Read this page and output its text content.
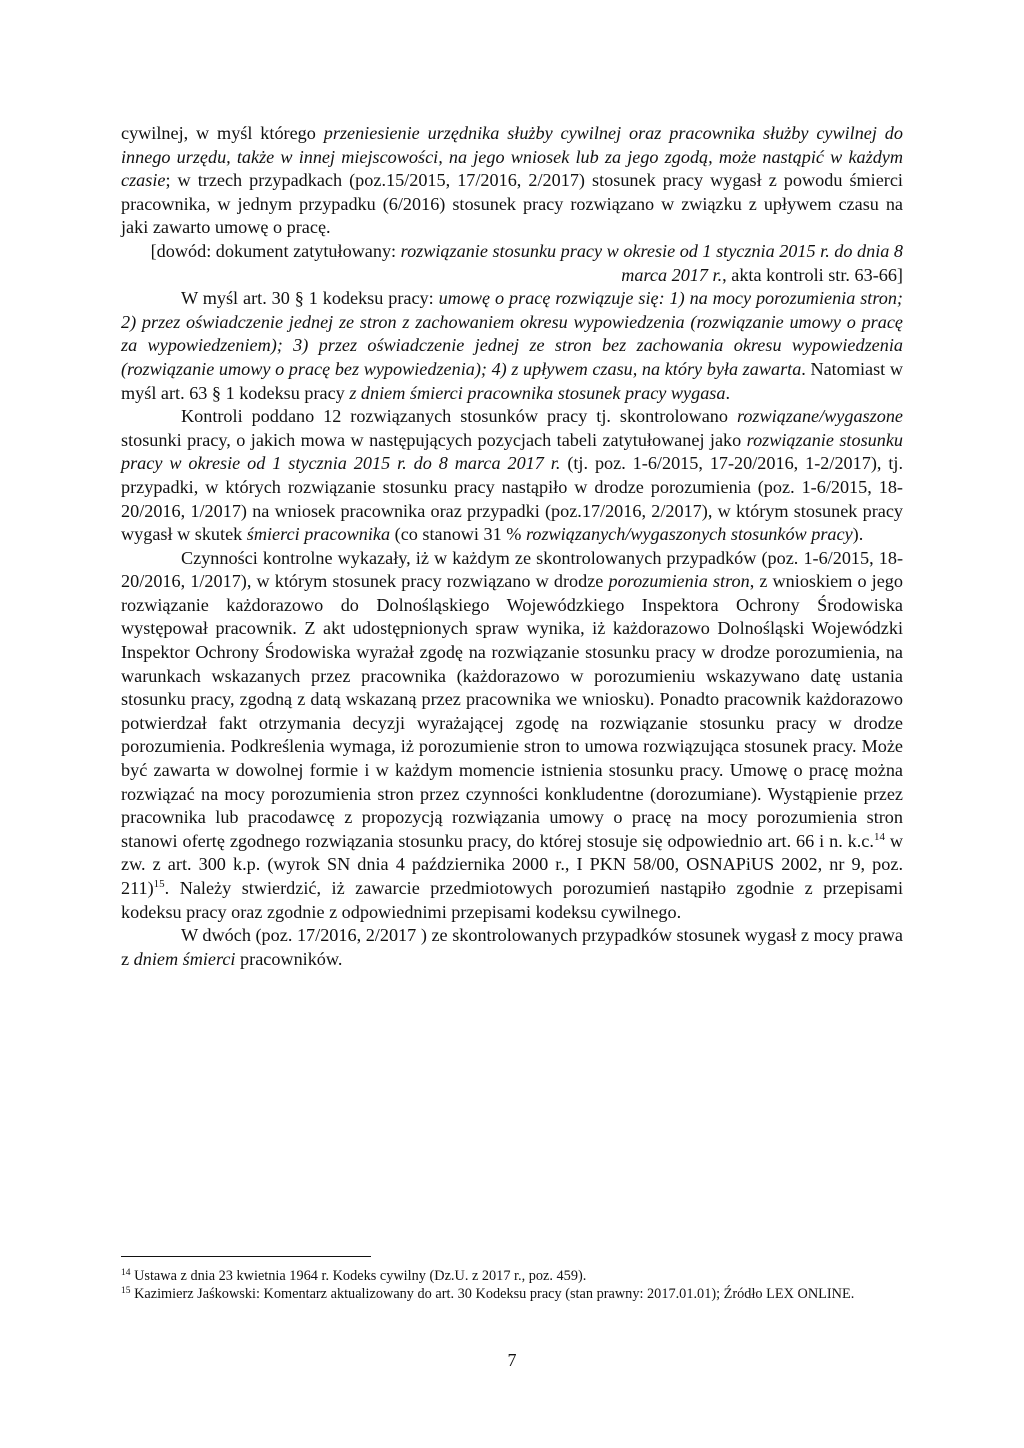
cywilnej, w myśl którego przeniesienie urzędnika służby cywilnej oraz pracownika służby cywilnej do innego urzędu, także w innej miejscowości, na jego wniosek lub za jego zgodą, może nastąpić w każdym czasie; w trzech przypadkach (poz.15/2015, 17/2016, 2/2017) stosunek pracy wygasł z powodu śmierci pracownika, w jednym przypadku (6/2016) stosunek pracy rozwiązano w związku z upływem czasu na jaki zawarto umowę o pracę.

[dowód: dokument zatytułowany: rozwiązanie stosunku pracy w okresie od 1 stycznia 2015 r. do dnia 8 marca 2017 r., akta kontroli str. 63-66]

W myśl art. 30 § 1 kodeksu pracy: umowę o pracę rozwiązuje się: 1) na mocy porozumienia stron; 2) przez oświadczenie jednej ze stron z zachowaniem okresu wypowiedzenia (rozwiązanie umowy o pracę za wypowiedzeniem); 3) przez oświadczenie jednej ze stron bez zachowania okresu wypowiedzenia (rozwiązanie umowy o pracę bez wypowiedzenia); 4) z upływem czasu, na który była zawarta. Natomiast w myśl art. 63 § 1 kodeksu pracy z dniem śmierci pracownika stosunek pracy wygasa.

Kontroli poddano 12 rozwiązanych stosunków pracy tj. skontrolowano rozwiązane/wygaszone stosunki pracy, o jakich mowa w następujących pozycjach tabeli zatytułowanej jako rozwiązanie stosunku pracy w okresie od 1 stycznia 2015 r. do 8 marca 2017 r. (tj. poz. 1-6/2015, 17-20/2016, 1-2/2017), tj. przypadki, w których rozwiązanie stosunku pracy nastąpiło w drodze porozumienia (poz. 1-6/2015, 18-20/2016, 1/2017) na wniosek pracownika oraz przypadki (poz.17/2016, 2/2017), w którym stosunek pracy wygasł w skutek śmierci pracownika (co stanowi 31 % rozwiązanych/wygaszonych stosunków pracy).

Czynności kontrolne wykazały, iż w każdym ze skontrolowanych przypadków (poz. 1-6/2015, 18-20/2016, 1/2017), w którym stosunek pracy rozwiązano w drodze porozumienia stron, z wnioskiem o jego rozwiązanie każdorazowo do Dolnośląskiego Wojewódzkiego Inspektora Ochrony Środowiska występował pracownik. Z akt udostępnionych spraw wynika, iż każdorazowo Dolnośląski Wojewódzki Inspektor Ochrony Środowiska wyrażał zgodę na rozwiązanie stosunku pracy w drodze porozumienia, na warunkach wskazanych przez pracownika (każdorazowo w porozumieniu wskazywano datę ustania stosunku pracy, zgodną z datą wskazaną przez pracownika we wniosku). Ponadto pracownik każdorazowo potwierdzał fakt otrzymania decyzji wyrażającej zgodę na rozwiązanie stosunku pracy w drodze porozumienia. Podkreślenia wymaga, iż porozumienie stron to umowa rozwiązująca stosunek pracy. Może być zawarta w dowolnej formie i w każdym momencie istnienia stosunku pracy. Umowę o pracę można rozwiązać na mocy porozumienia stron przez czynności konkludentne (dorozumiane). Wystąpienie przez pracownika lub pracodawcę z propozycją rozwiązania umowy o pracę na mocy porozumienia stron stanowi ofertę zgodnego rozwiązania stosunku pracy, do której stosuje się odpowiednio art. 66 i n. k.c.$^{14}$ w zw. z art. 300 k.p. (wyrok SN dnia 4 października 2000 r., I PKN 58/00, OSNAPiUS 2002, nr 9, poz. 211)$^{15}$. Należy stwierdzić, iż zawarcie przedmiotowych porozumień nastąpiło zgodnie z przepisami kodeksu pracy oraz zgodnie z odpowiednimi przepisami kodeksu cywilnego.

W dwóch (poz. 17/2016, 2/2017 ) ze skontrolowanych przypadków stosunek wygasł z mocy prawa z dniem śmierci pracowników.

$^{14}$ Ustawa z dnia 23 kwietnia 1964 r. Kodeks cywilny (Dz.U. z 2017 r., poz. 459).

$^{15}$ Kazimierz Jaśkowski: Komentarz aktualizowany do art. 30 Kodeksu pracy (stan prawny: 2017.01.01); Źródło LEX ONLINE.

7
